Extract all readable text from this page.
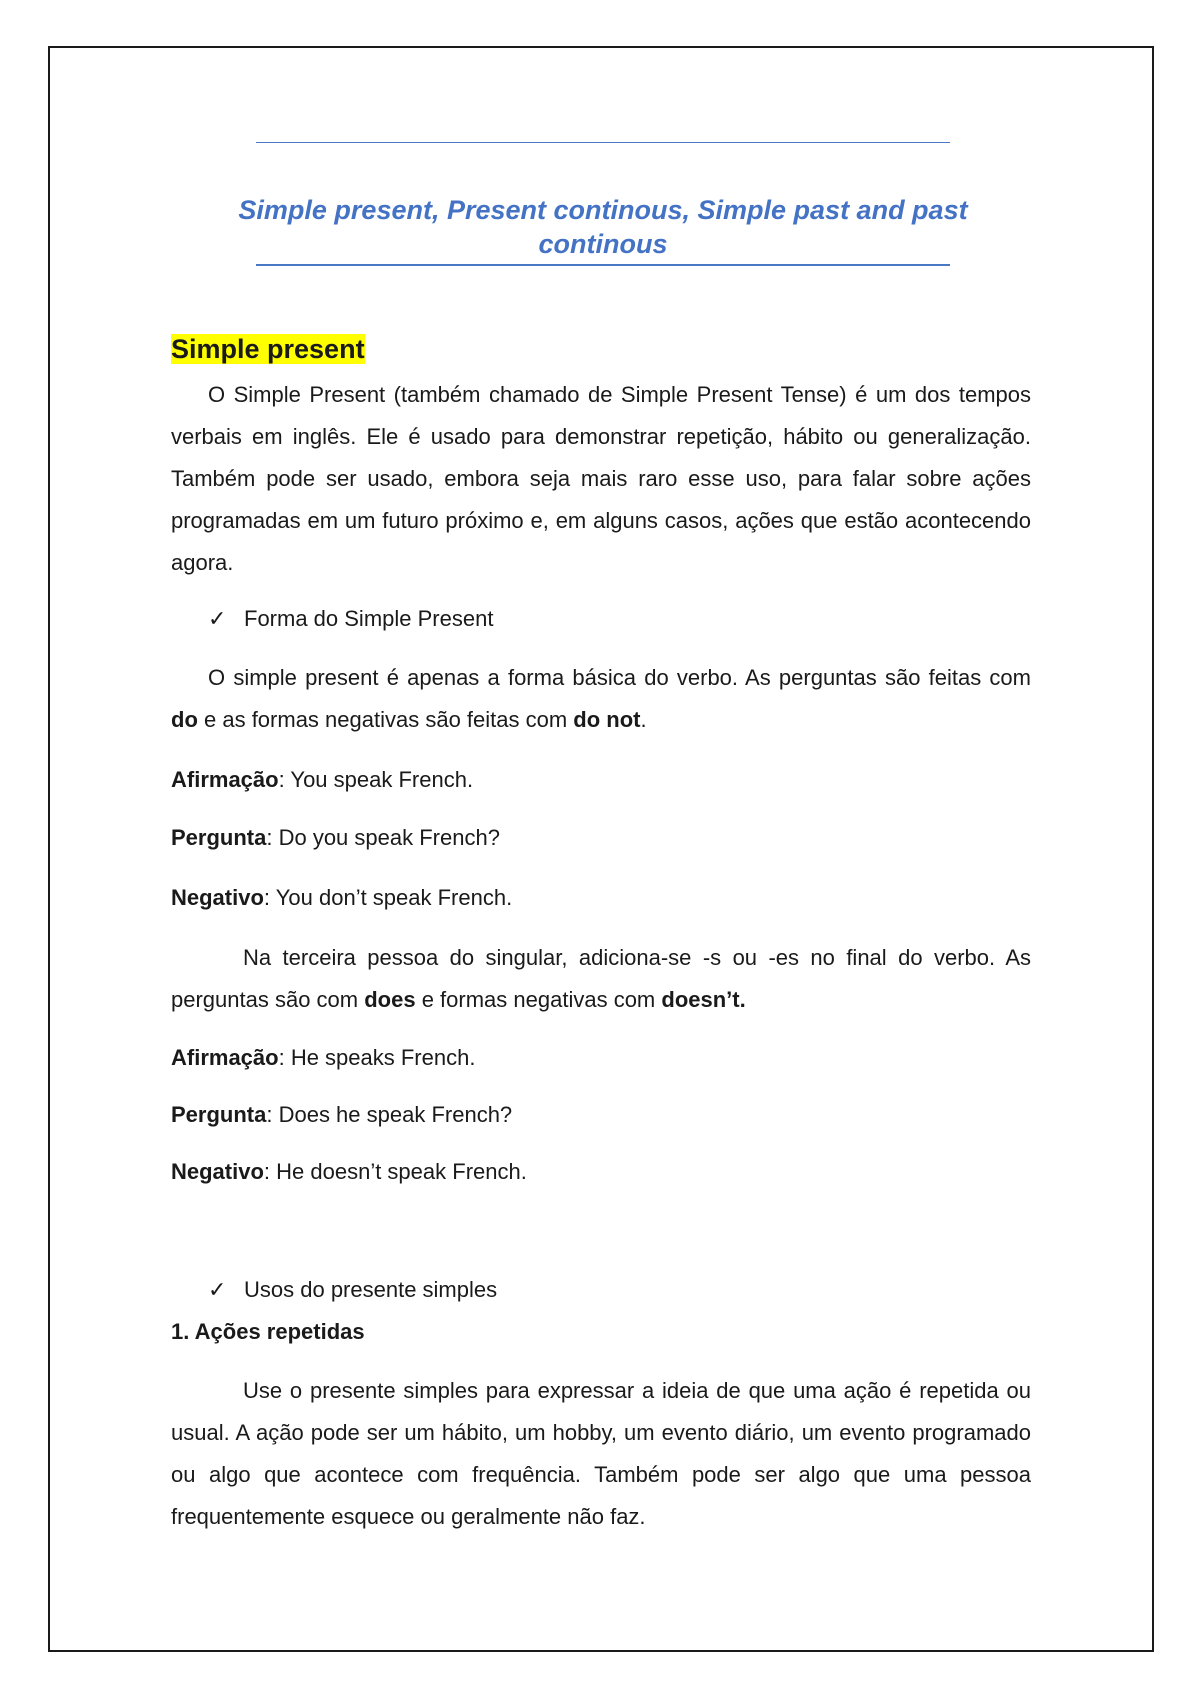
Simple present, Present continous, Simple past and past continous
Simple present

O Simple Present (também chamado de Simple Present Tense) é um dos tempos verbais em inglês. Ele é usado para demonstrar repetição, hábito ou generalização. Também pode ser usado, embora seja mais raro esse uso, para falar sobre ações programadas em um futuro próximo e, em alguns casos, ações que estão acontecendo agora.

✓ Forma do Simple Present

O simple present é apenas a forma básica do verbo. As perguntas são feitas com do e as formas negativas são feitas com do not.

Afirmação: You speak French.

Pergunta: Do you speak French?

Negativo: You don’t speak French.

Na terceira pessoa do singular, adiciona-se -s ou -es no final do verbo. As perguntas são com does e formas negativas com doesn’t.

Afirmação: He speaks French.

Pergunta: Does he speak French?

Negativo: He doesn’t speak French.

✓ Usos do presente simples

1. Ações repetidas

Use o presente simples para expressar a ideia de que uma ação é repetida ou usual. A ação pode ser um hábito, um hobby, um evento diário, um evento programado ou algo que acontece com frequência. Também pode ser algo que uma pessoa frequentemente esquece ou geralmente não faz.
